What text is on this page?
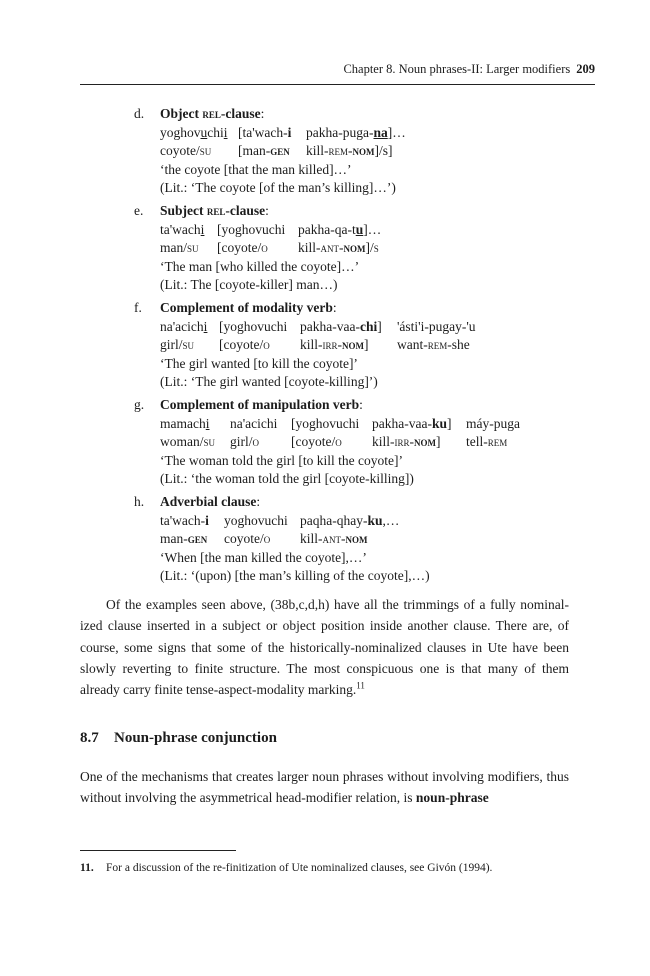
Chapter 8. Noun phrases-II: Larger modifiers 209
d. Object rel-clause:
yoghovuchii [ta'wach-i pakha-puga-na]…
coyote/su [man-gen kill-rem-nom]/s]
‘the coyote [that the man killed]…’
(Lit.: ‘The coyote [of the man’s killing]…’)
e. Subject rel-clause:
ta'wachi [yoghovuchi pakha-qa-tu]…
man/su [coyote/o kill-ant-nom]/s
‘The man [who killed the coyote]…’
(Lit.: The [coyote-killer] man…)
f. Complement of modality verb:
na'acichi [yoghovuchi pakha-vaa-chi] 'ásti'i-pugay-'u
girl/su [coyote/o kill-irr-nom] want-rem-she
‘The girl wanted [to kill the coyote]’
(Lit.: ‘The girl wanted [coyote-killing]’)
g. Complement of manipulation verb:
mamachi na'acichi [yoghovuchi pakha-vaa-ku] máy-puga
woman/su girl/o [coyote/o kill-irr-nom] tell-rem
‘The woman told the girl [to kill the coyote]’
(Lit.: ‘the woman told the girl [coyote-killing])
h. Adverbial clause:
ta'wach-i yoghovuchi paqha-qhay-ku,…
man-gen coyote/o kill-ant-nom
‘When [the man killed the coyote],…’
(Lit.: ‘(upon) [the man’s killing of the coyote],…)

Of the examples seen above, (38b,c,d,h) have all the trimmings of a fully nominal-ized clause inserted in a subject or object position inside another clause. There are, of course, some signs that some of the historically-nominalized clauses in Ute have been slowly reverting to finite structure. The most conspicuous one is that many of them already carry finite tense-aspect-modality marking.$^{11}$

8.7 Noun-phrase conjunction

One of the mechanisms that creates larger noun phrases without involving modifiers, thus without involving the asymmetrical head-modifier relation, is noun-phrase

11. For a discussion of the re-finitization of Ute nominalized clauses, see Givón (1994).
